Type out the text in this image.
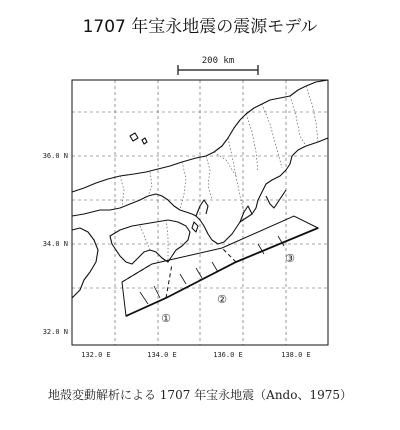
1707 年宝永地震の震源モデル
200 km
①
②
③
36.0 N
34.0 N
32.0 N
132.0 E	134.0 E	136.0 E	138.0 E
地殻変動解析による 1707 年宝永地震（Ando、1975）
